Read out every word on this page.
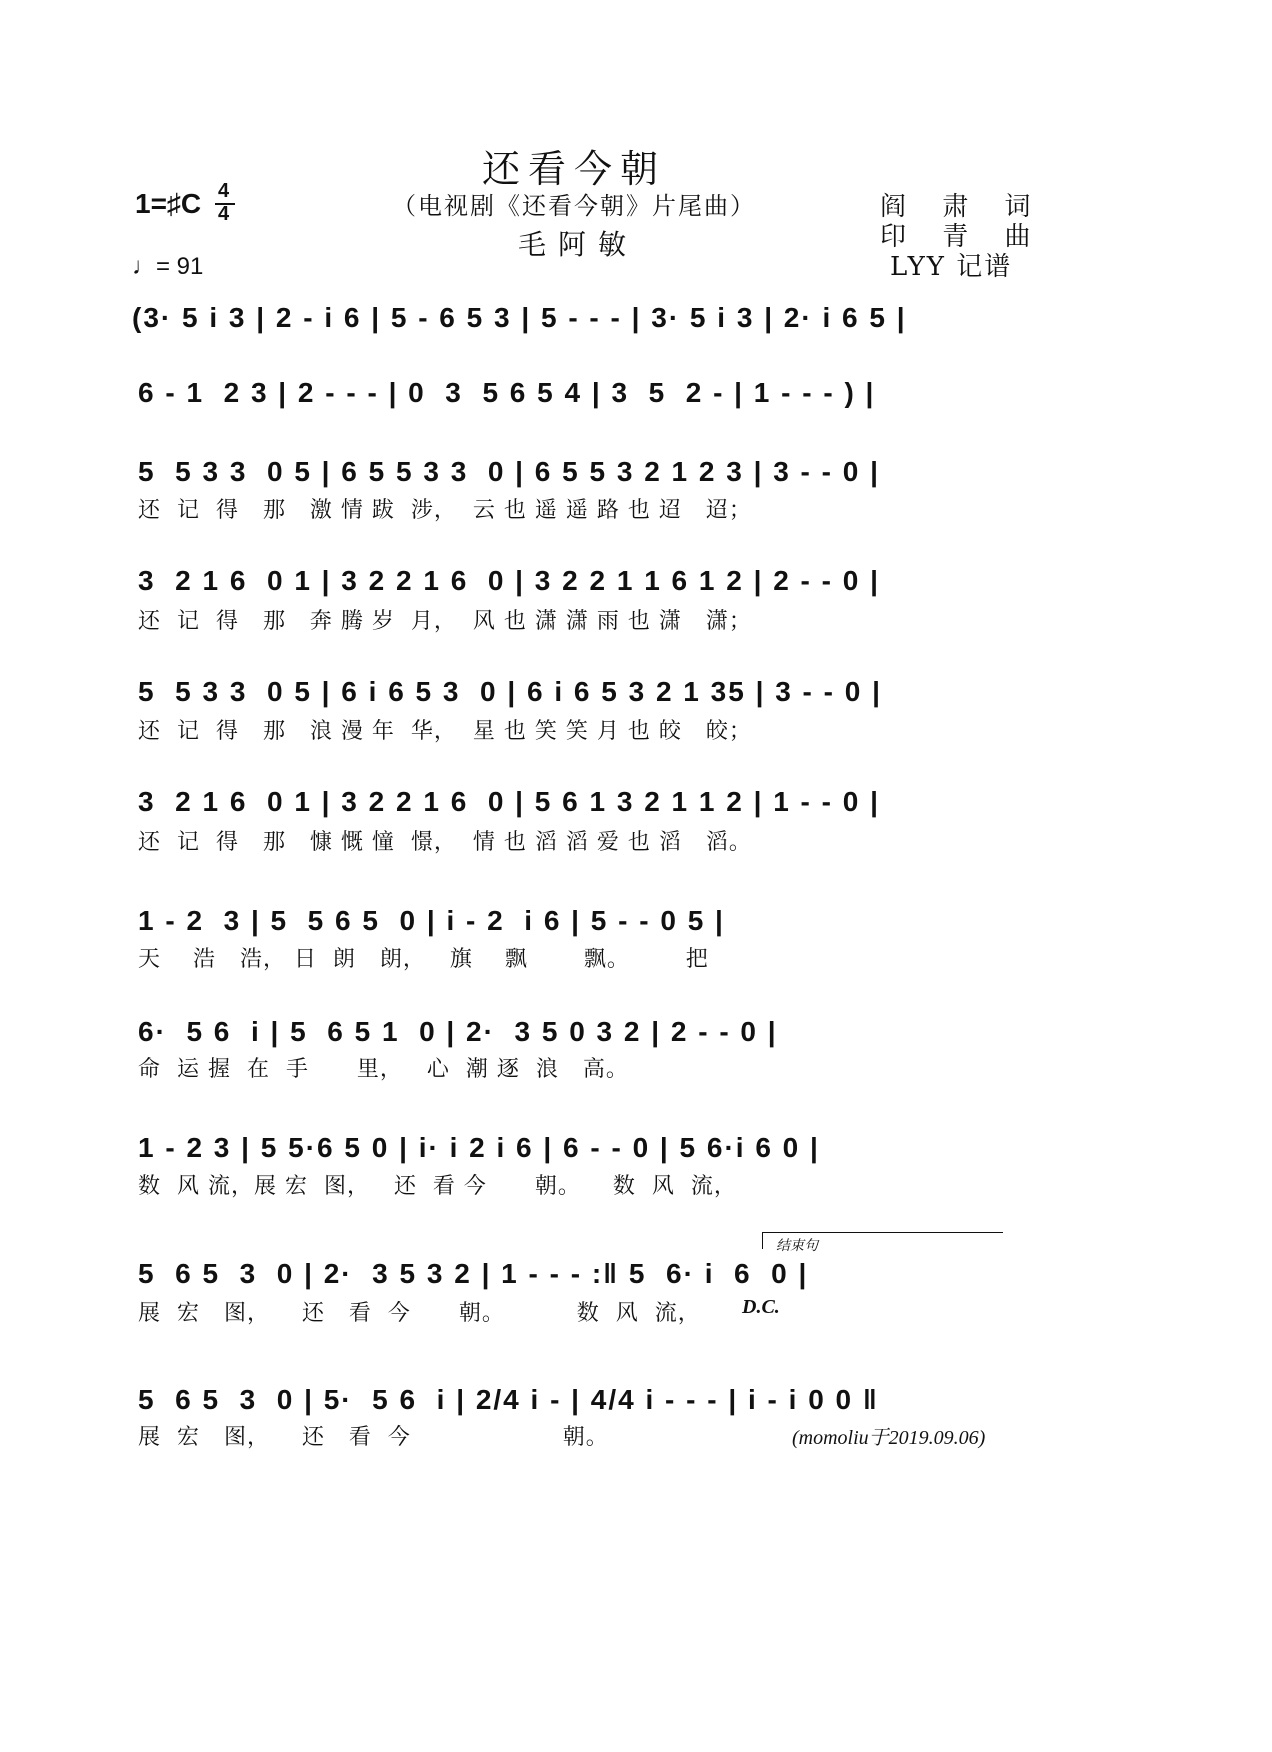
还看今朝
（电视剧《还看今朝》片尾曲）
毛阿敏
1=♯C 4
4
♩= 91
阎 肃 词
印 青 曲
LYY 记谱
(3· 5 i 3 | 2 - i 6 | 5 - 6 5 3 | 5 - - - | 3· 5 i 3 | 2· i 6 5 |
6 - 1  2 3 | 2 - - - | 0  3  5 6 5 4 | 3  5  2 - | 1 - - - ) |
5  5 3 3  0 5 | 6 5 5 3 3  0 | 6 5 5 3 2 1 2 3 | 3 - - 0 |
还  记  得   那   激 情 跋  涉，  云 也 遥 遥 路 也 迢   迢；
3  2 1 6  0 1 | 3 2 2 1 6  0 | 3 2 2 1 1 6 1 2 | 2 - - 0 |
还  记  得   那   奔 腾 岁  月，  风 也 潇 潇 雨 也 潇   潇；
5  5 3 3  0 5 | 6 i 6 5 3  0 | 6 i 6 5 3 2 1 35 | 3 - - 0 |
还  记  得   那   浪 漫 年  华，  星 也 笑 笑 月 也 皎   皎；
3  2 1 6  0 1 | 3 2 2 1 6  0 | 5 6 1 3 2 1 1 2 | 1 - - 0 |
还  记  得   那   慷 慨 憧  憬，  情 也 滔 滔 爱 也 滔   滔。
1 - 2  3 | 5  5 6 5  0 | i - 2  i 6 | 5 - - 0 5 |
天    浩   浩， 日  朗   朗，   旗    飘       飘。       把
6·  5 6  i | 5  6 5 1  0 | 2·  3 5 0 3 2 | 2 - - 0 |
命  运 握  在  手      里，   心  潮 逐  浪   高。
1 - 2 3 | 5 5·6 5 0 | i· i 2 i 6 | 6 - - 0 | 5 6·i 6 0 |
数  风 流，展 宏  图，   还  看 今      朝。    数  风  流，
结束句
5  6 5  3  0 | 2·  3 5 3 2 | 1 - - - :‖ 5  6· i  6  0 |
展  宏   图，    还   看  今      朝。         数  风  流， D.C.
5  6 5  3  0 | 5·  5 6  i | 2/4 i - | 4/4 i - - - | i - i 0 0 ‖
展  宏   图，    还   看  今                   朝。	(momoliu于2019.09.06)
